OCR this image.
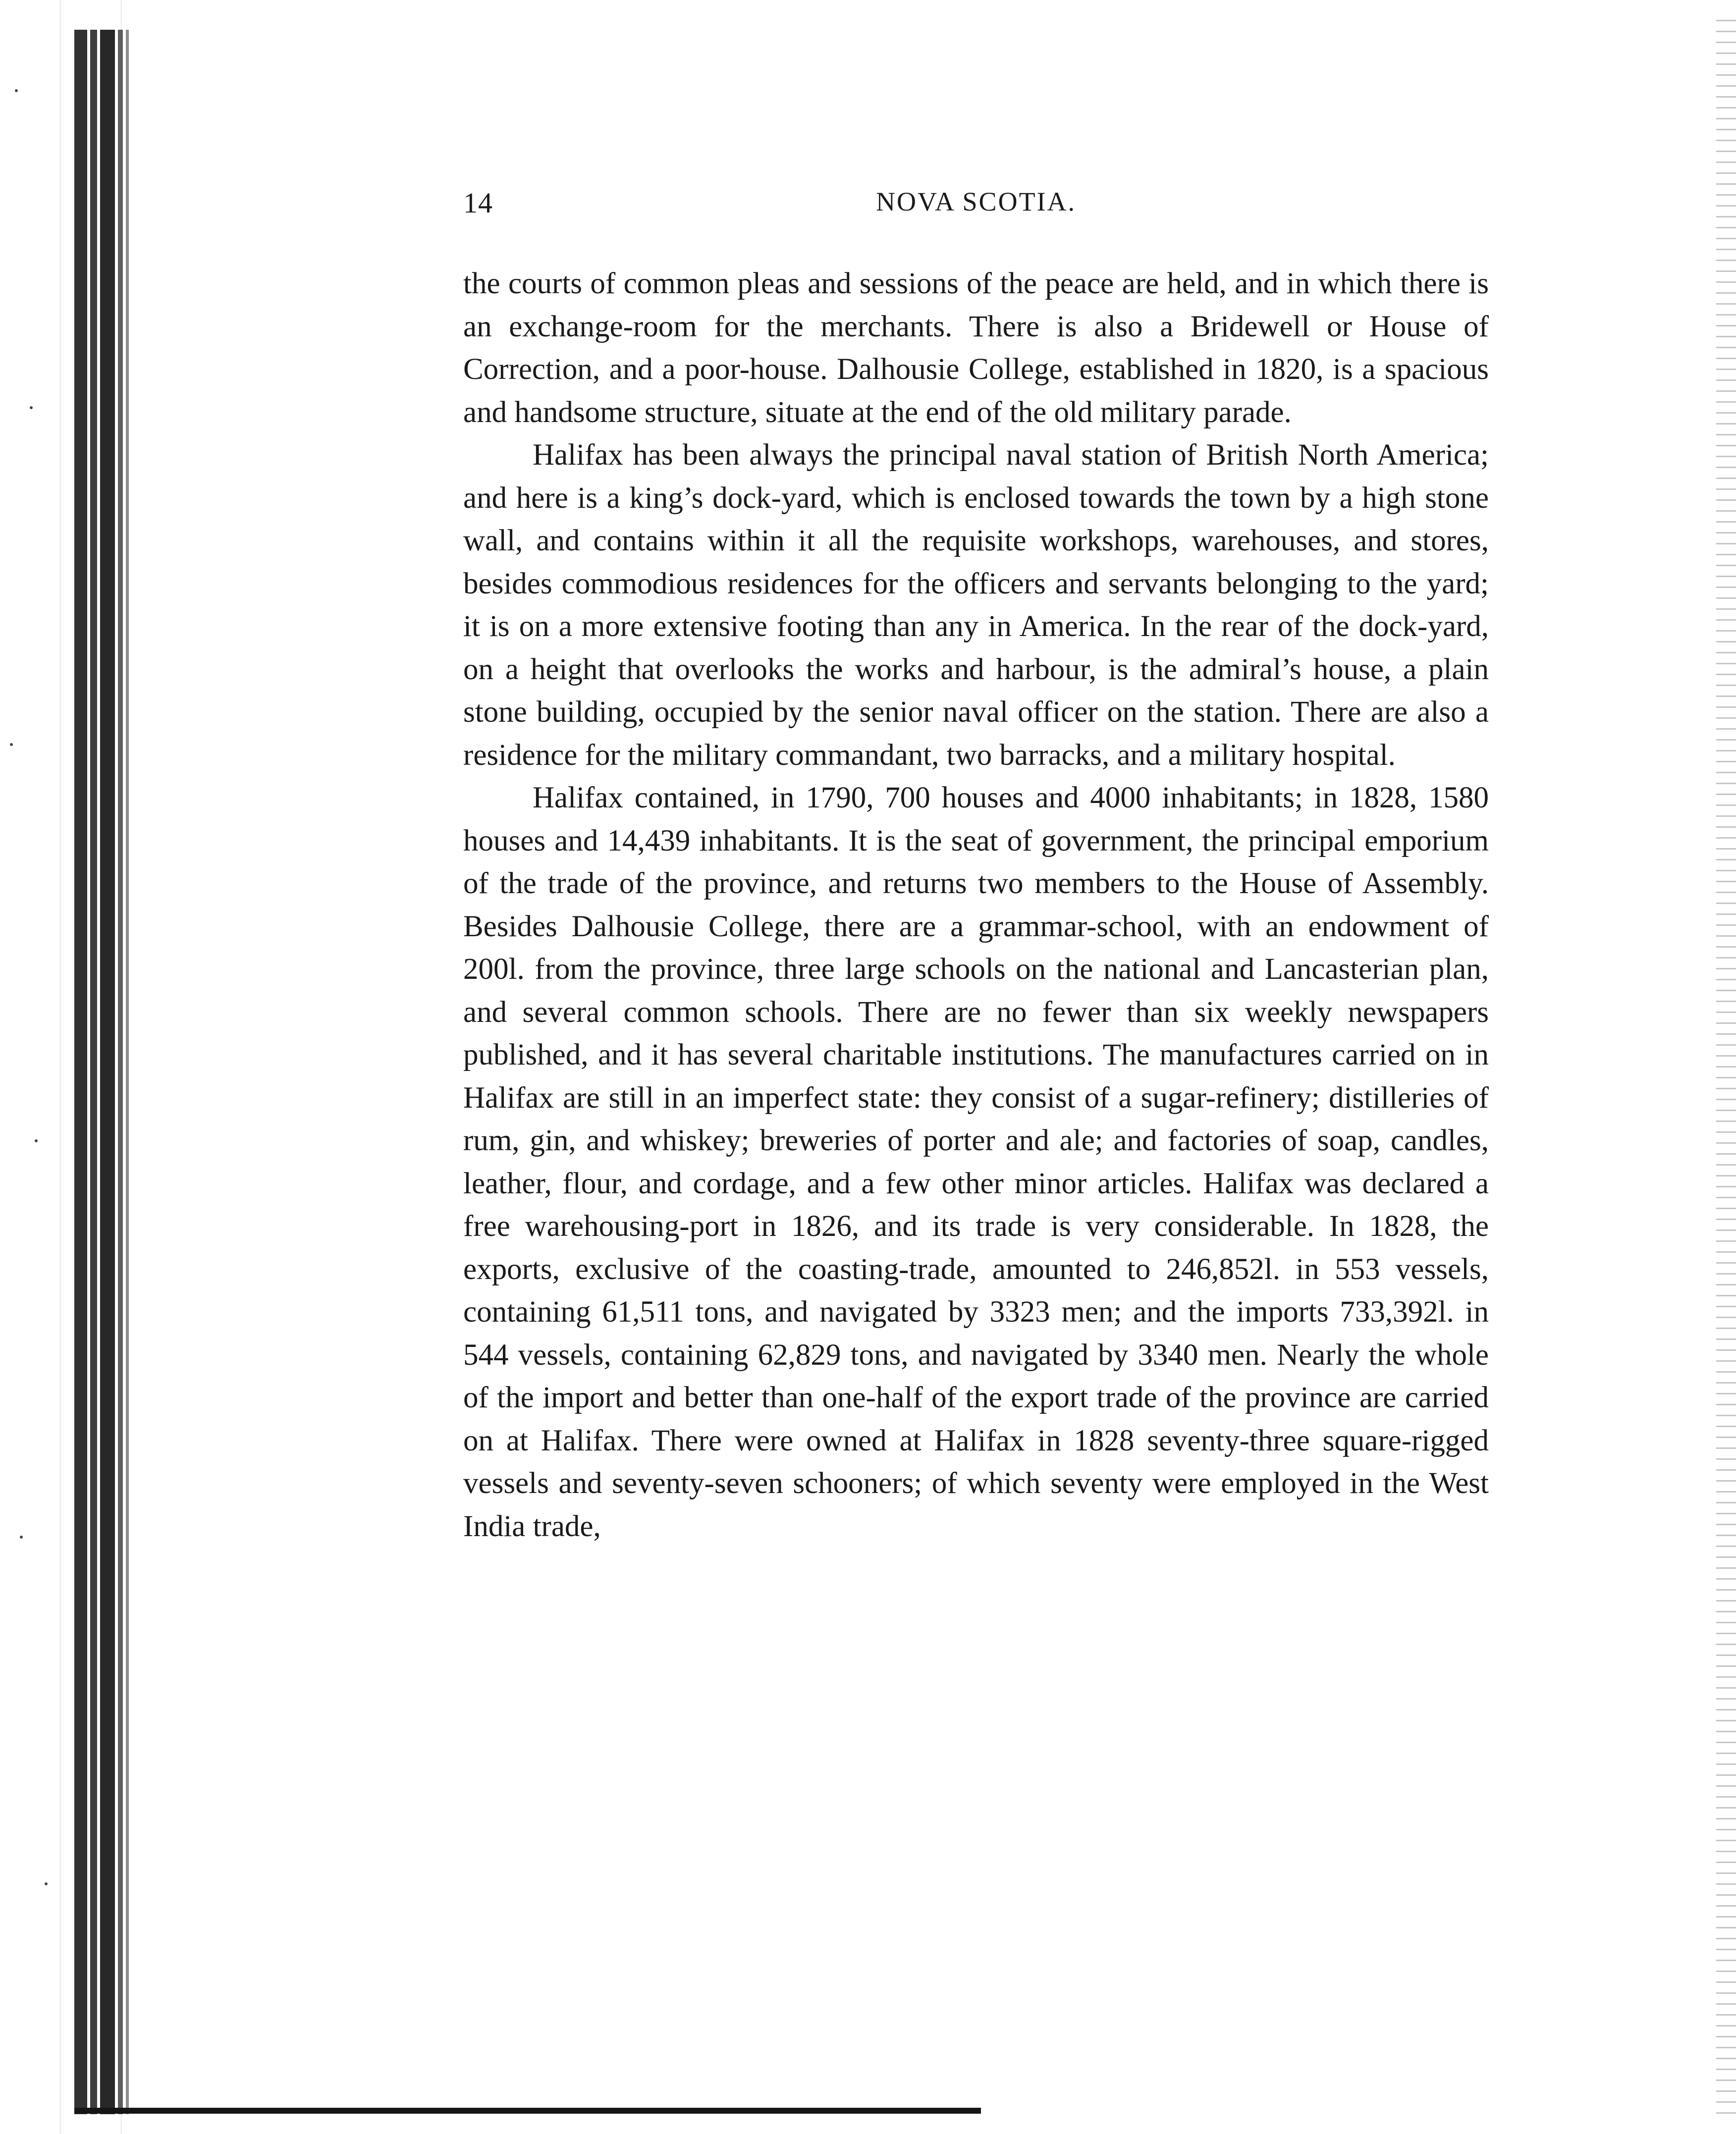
14	NOVA SCOTIA.

the courts of common pleas and sessions of the peace are held, and in which there is an exchange-room for the merchants. There is also a Bridewell or House of Correction, and a poor-house. Dalhousie College, established in 1820, is a spacious and handsome structure, situate at the end of the old military parade.

Halifax has been always the principal naval station of British North America; and here is a king’s dock-yard, which is enclosed towards the town by a high stone wall, and contains within it all the requisite workshops, warehouses, and stores, besides commodious residences for the officers and servants belonging to the yard; it is on a more extensive footing than any in America. In the rear of the dock-yard, on a height that overlooks the works and harbour, is the admiral’s house, a plain stone building, occupied by the senior naval officer on the station. There are also a residence for the military commandant, two barracks, and a military hospital.

Halifax contained, in 1790, 700 houses and 4000 inhabitants; in 1828, 1580 houses and 14,439 inhabitants. It is the seat of government, the principal emporium of the trade of the province, and returns two members to the House of Assembly. Besides Dalhousie College, there are a grammar-school, with an endowment of 200l. from the province, three large schools on the national and Lancasterian plan, and several common schools. There are no fewer than six weekly newspapers published, and it has several charitable institutions. The manufactures carried on in Halifax are still in an imperfect state: they consist of a sugar-refinery; distilleries of rum, gin, and whiskey; breweries of porter and ale; and factories of soap, candles, leather, flour, and cordage, and a few other minor articles. Halifax was declared a free warehousing-port in 1826, and its trade is very considerable. In 1828, the exports, exclusive of the coasting-trade, amounted to 246,852l. in 553 vessels, containing 61,511 tons, and navigated by 3323 men; and the imports 733,392l. in 544 vessels, containing 62,829 tons, and navigated by 3340 men. Nearly the whole of the import and better than one-half of the export trade of the province are carried on at Halifax. There were owned at Halifax in 1828 seventy-three square-rigged vessels and seventy-seven schooners; of which seventy were employed in the West India trade,
